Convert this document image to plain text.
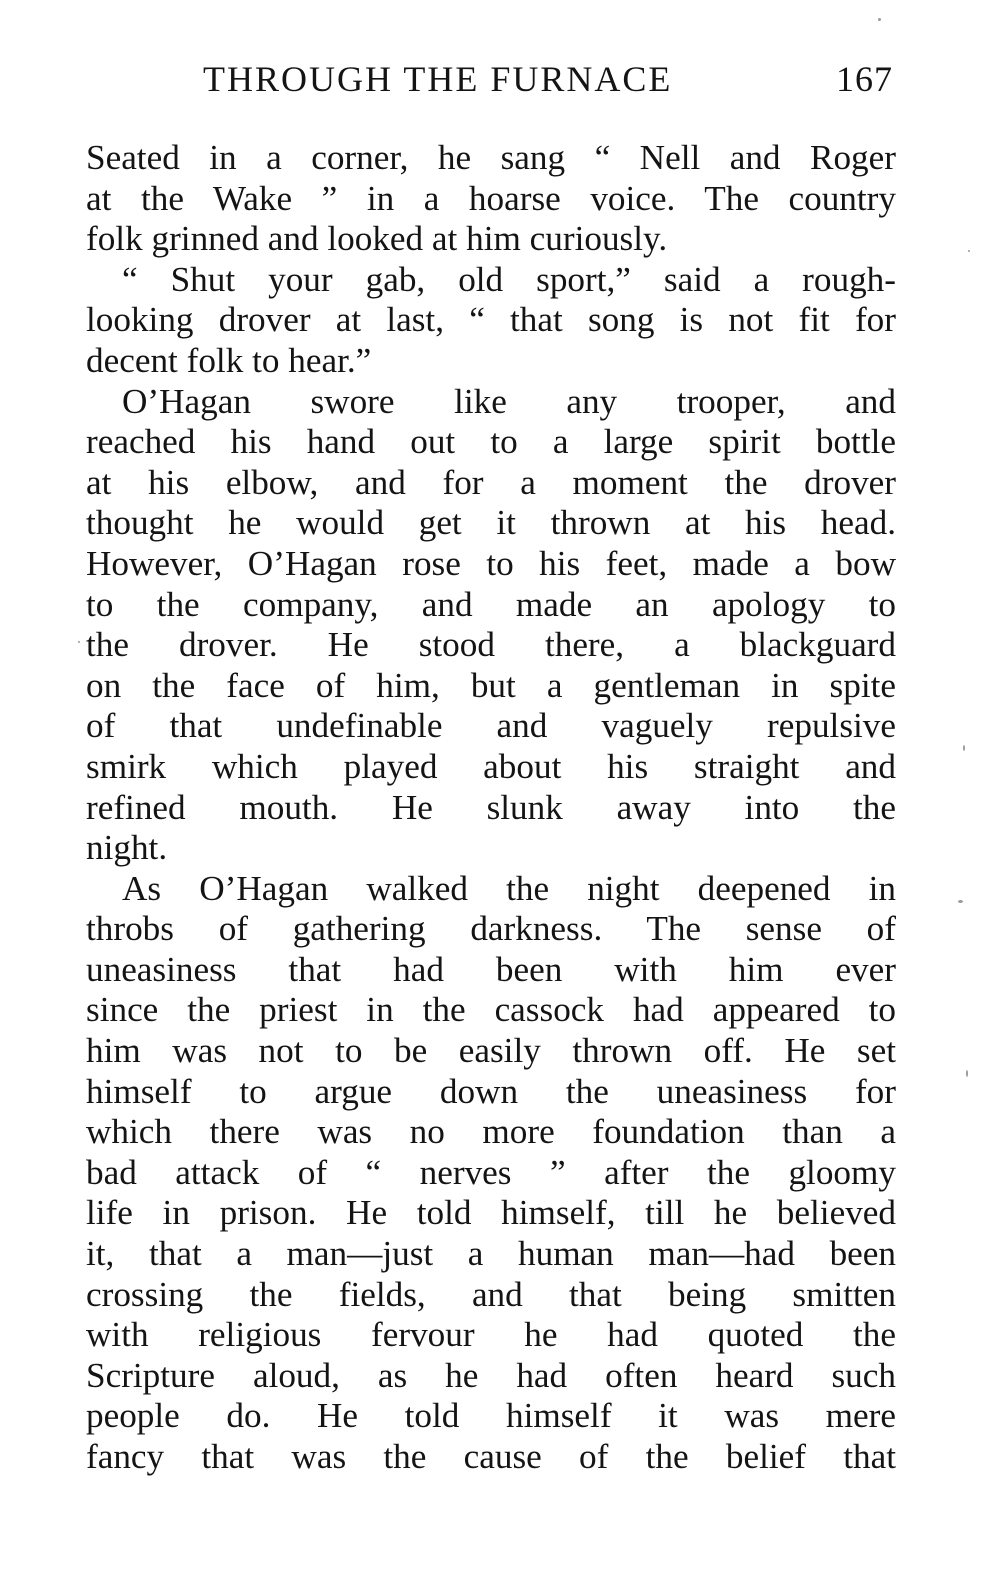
THROUGH THE FURNACE	167
Seated in a corner, he sang “ Nell and Roger
at the Wake ” in a hoarse voice. The country
folk grinned and looked at him curiously.
“ Shut your gab, old sport,” said a rough-
looking drover at last, “ that song is not fit for
decent folk to hear.”
O’Hagan swore like any trooper, and
reached his hand out to a large spirit bottle
at his elbow, and for a moment the drover
thought he would get it thrown at his head.
However, O’Hagan rose to his feet, made a bow
to the company, and made an apology to
the drover. He stood there, a blackguard
on the face of him, but a gentleman in spite
of that undefinable and vaguely repulsive
smirk which played about his straight and
refined mouth. He slunk away into the
night.
As O’Hagan walked the night deepened in
throbs of gathering darkness. The sense of
uneasiness that had been with him ever
since the priest in the cassock had appeared to
him was not to be easily thrown off. He set
himself to argue down the uneasiness for
which there was no more foundation than a
bad attack of “ nerves ” after the gloomy
life in prison. He told himself, till he believed
it, that a man—just a human man—had been
crossing the fields, and that being smitten
with religious fervour he had quoted the
Scripture aloud, as he had often heard such
people do. He told himself it was mere
fancy that was the cause of the belief that
